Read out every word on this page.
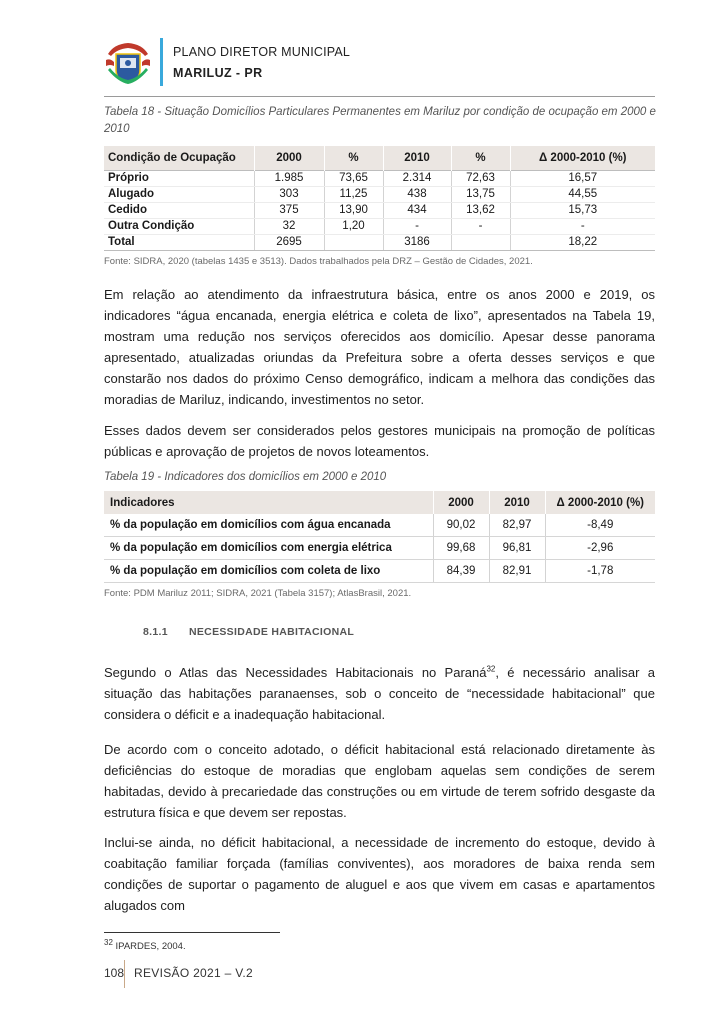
PLANO DIRETOR MUNICIPAL
MARILUZ - PR
Tabela 18 - Situação Domicílios Particulares Permanentes em Mariluz por condição de ocupação em 2000 e 2010
Condição de Ocupação	2000	%	2010	%	Δ 2000-2010 (%)
Próprio	1.985	73,65	2.314	72,63	16,57
Alugado	303	11,25	438	13,75	44,55
Cedido	375	13,90	434	13,62	15,73
Outra Condição	32	1,20	-	-	-
Total	2695		3186		18,22
Fonte: SIDRA, 2020 (tabelas 1435 e 3513). Dados trabalhados pela DRZ – Gestão de Cidades, 2021.
Em relação ao atendimento da infraestrutura básica, entre os anos 2000 e 2019, os indicadores “água encanada, energia elétrica e coleta de lixo”, apresentados na Tabela 19, mostram uma redução nos serviços oferecidos aos domicílio. Apesar desse panorama apresentado, atualizadas oriundas da Prefeitura sobre a oferta desses serviços e que constarão nos dados do próximo Censo demográfico, indicam a melhora das condições das moradias de Mariluz, indicando, investimentos no setor.
Esses dados devem ser considerados pelos gestores municipais na promoção de políticas públicas e aprovação de projetos de novos loteamentos.
Tabela 19 - Indicadores dos domicílios em 2000 e 2010
Indicadores	2000	2010	Δ 2000-2010 (%)
% da população em domicílios com água encanada	90,02	82,97	-8,49
% da população em domicílios com energia elétrica	99,68	96,81	-2,96
% da população em domicílios com coleta de lixo	84,39	82,91	-1,78
Fonte: PDM Mariluz 2011; SIDRA, 2021 (Tabela 3157); AtlasBrasil, 2021.
8.1.1 NECESSIDADE HABITACIONAL
Segundo o Atlas das Necessidades Habitacionais no Paraná$^{32}$, é necessário analisar a situação das habitações paranaenses, sob o conceito de “necessidade habitacional” que considera o déficit e a inadequação habitacional.
De acordo com o conceito adotado, o déficit habitacional está relacionado diretamente às deficiências do estoque de moradias que englobam aquelas sem condições de serem habitadas, devido à precariedade das construções ou em virtude de terem sofrido desgaste da estrutura física e que devem ser repostas.
Inclui-se ainda, no déficit habitacional, a necessidade de incremento do estoque, devido à coabitação familiar forçada (famílias conviventes), aos moradores de baixa renda sem condições de suportar o pagamento de aluguel e aos que vivem em casas e apartamentos alugados com
$^{32}$ IPARDES, 2004.
108 REVISÃO 2021 – V.2
